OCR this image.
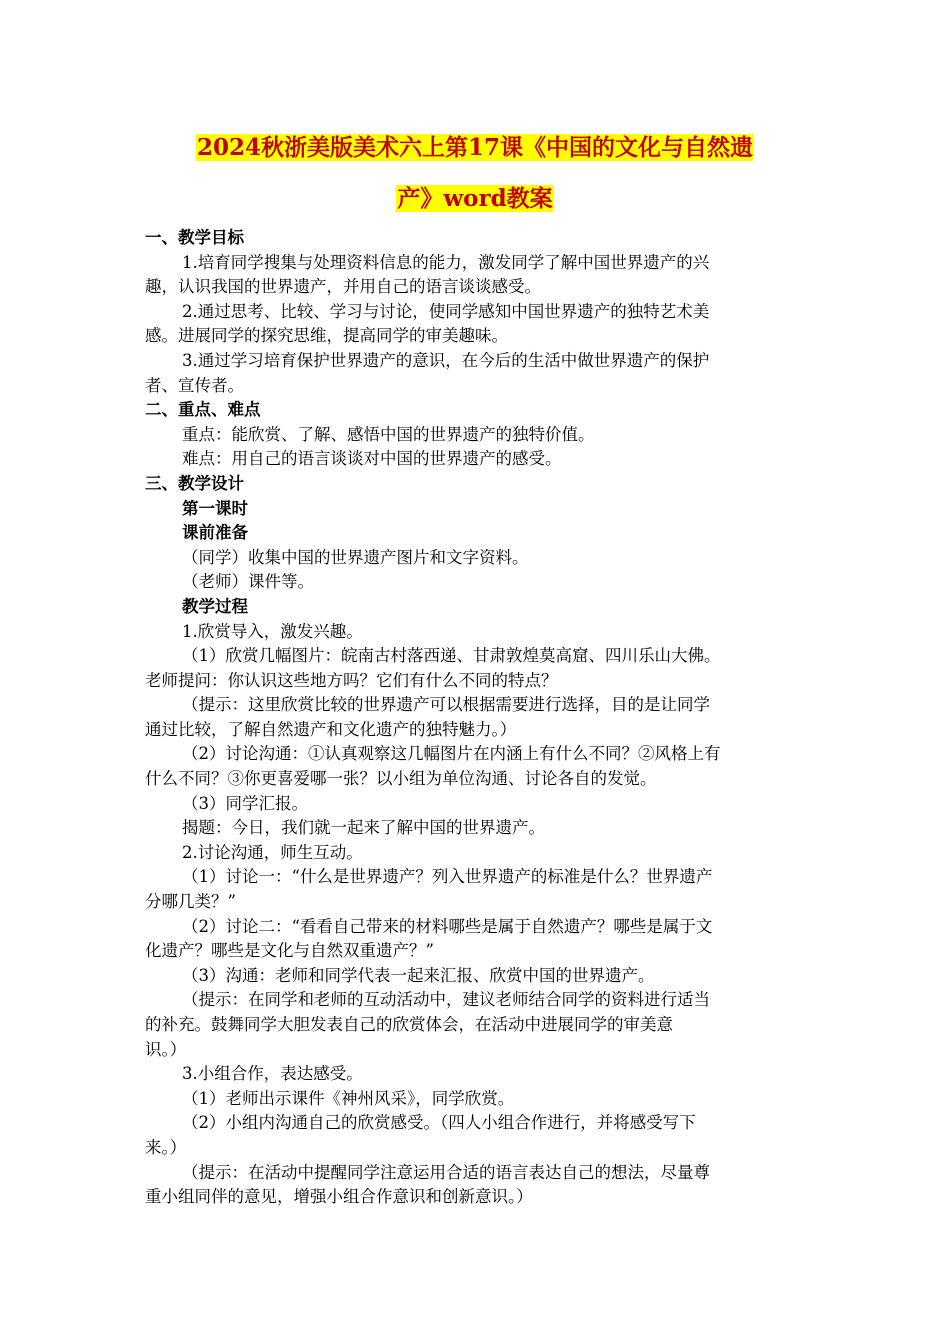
2024秋浙美版美术六上第17课《中国的文化与自然遗
产》word教案

一、教学目标

1.培育同学搜集与处理资料信息的能力，激发同学了解中国世界遗产的兴

趣，认识我国的世界遗产，并用自己的语言谈谈感受。

2.通过思考、比较、学习与讨论，使同学感知中国世界遗产的独特艺术美

感。进展同学的探究思维，提高同学的审美趣味。

3.通过学习培育保护世界遗产的意识，在今后的生活中做世界遗产的保护

者、宣传者。

二、重点、难点

重点：能欣赏、了解、感悟中国的世界遗产的独特价值。

难点：用自己的语言谈谈对中国的世界遗产的感受。

三、教学设计

第一课时

课前准备

（同学）收集中国的世界遗产图片和文字资料。

（老师）课件等。

教学过程

1.欣赏导入，激发兴趣。

（1）欣赏几幅图片：皖南古村落西递、甘肃敦煌莫高窟、四川乐山大佛。

老师提问：你认识这些地方吗？它们有什么不同的特点？

（提示：这里欣赏比较的世界遗产可以根据需要进行选择，目的是让同学

通过比较，了解自然遗产和文化遗产的独特魅力。）

（2）讨论沟通：①认真观察这几幅图片在内涵上有什么不同？②风格上有

什么不同？③你更喜爱哪一张？以小组为单位沟通、讨论各自的发觉。

（3）同学汇报。

揭题：今日，我们就一起来了解中国的世界遗产。

2.讨论沟通，师生互动。

（1）讨论一：“什么是世界遗产？列入世界遗产的标准是什么？世界遗产

分哪几类？”

（2）讨论二：“看看自己带来的材料哪些是属于自然遗产？哪些是属于文

化遗产？哪些是文化与自然双重遗产？”

（3）沟通：老师和同学代表一起来汇报、欣赏中国的世界遗产。

（提示：在同学和老师的互动活动中，建议老师结合同学的资料进行适当

的补充。鼓舞同学大胆发表自己的欣赏体会，在活动中进展同学的审美意

识。）

3.小组合作，表达感受。

（1）老师出示课件《神州风采》，同学欣赏。

（2）小组内沟通自己的欣赏感受。（四人小组合作进行，并将感受写下

来。）

（提示：在活动中提醒同学注意运用合适的语言表达自己的想法，尽量尊

重小组同伴的意见，增强小组合作意识和创新意识。）
